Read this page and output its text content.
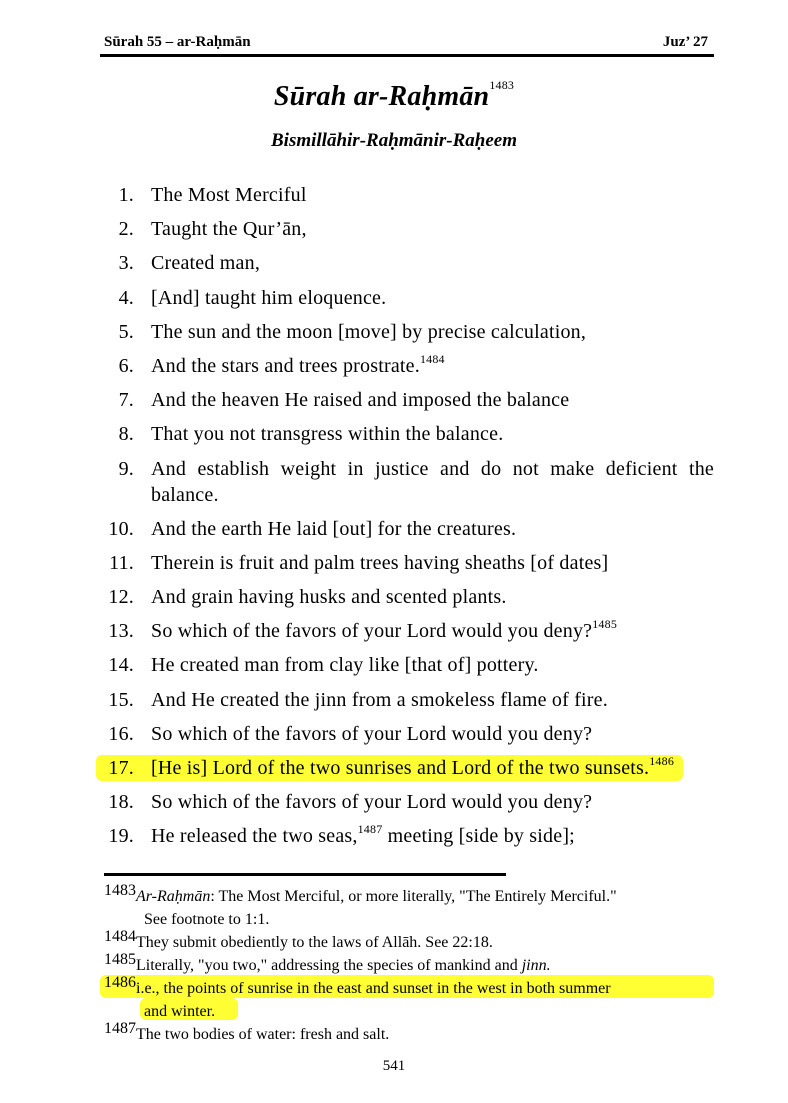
Sūrah 55 – ar-Raḥmān	Juz’ 27
Sūrah ar-Raḥmān$^{1483}$
Bismillāhir-Raḥmānir-Raḥeem
1. The Most Merciful
2. Taught the Qur’ān,
3. Created man,
4. [And] taught him eloquence.
5. The sun and the moon [move] by precise calculation,
6. And the stars and trees prostrate.$^{1484}$
7. And the heaven He raised and imposed the balance
8. That you not transgress within the balance.
9. And establish weight in justice and do not make deficient the balance.
10. And the earth He laid [out] for the creatures.
11. Therein is fruit and palm trees having sheaths [of dates]
12. And grain having husks and scented plants.
13. So which of the favors of your Lord would you deny?$^{1485}$
14. He created man from clay like [that of] pottery.
15. And He created the jinn from a smokeless flame of fire.
16. So which of the favors of your Lord would you deny?
17. [He is] Lord of the two sunrises and Lord of the two sunsets.$^{1486}$
18. So which of the favors of your Lord would you deny?
19. He released the two seas,$^{1487}$ meeting [side by side];
1483Ar-Raḥmān: The Most Merciful, or more literally, "The Entirely Merciful."
See footnote to 1:1.
1484They submit obediently to the laws of Allāh. See 22:18.
1485Literally, "you two," addressing the species of mankind and jinn.
1486i.e., the points of sunrise in the east and sunset in the west in both summer
and winter.
1487The two bodies of water: fresh and salt.
541
